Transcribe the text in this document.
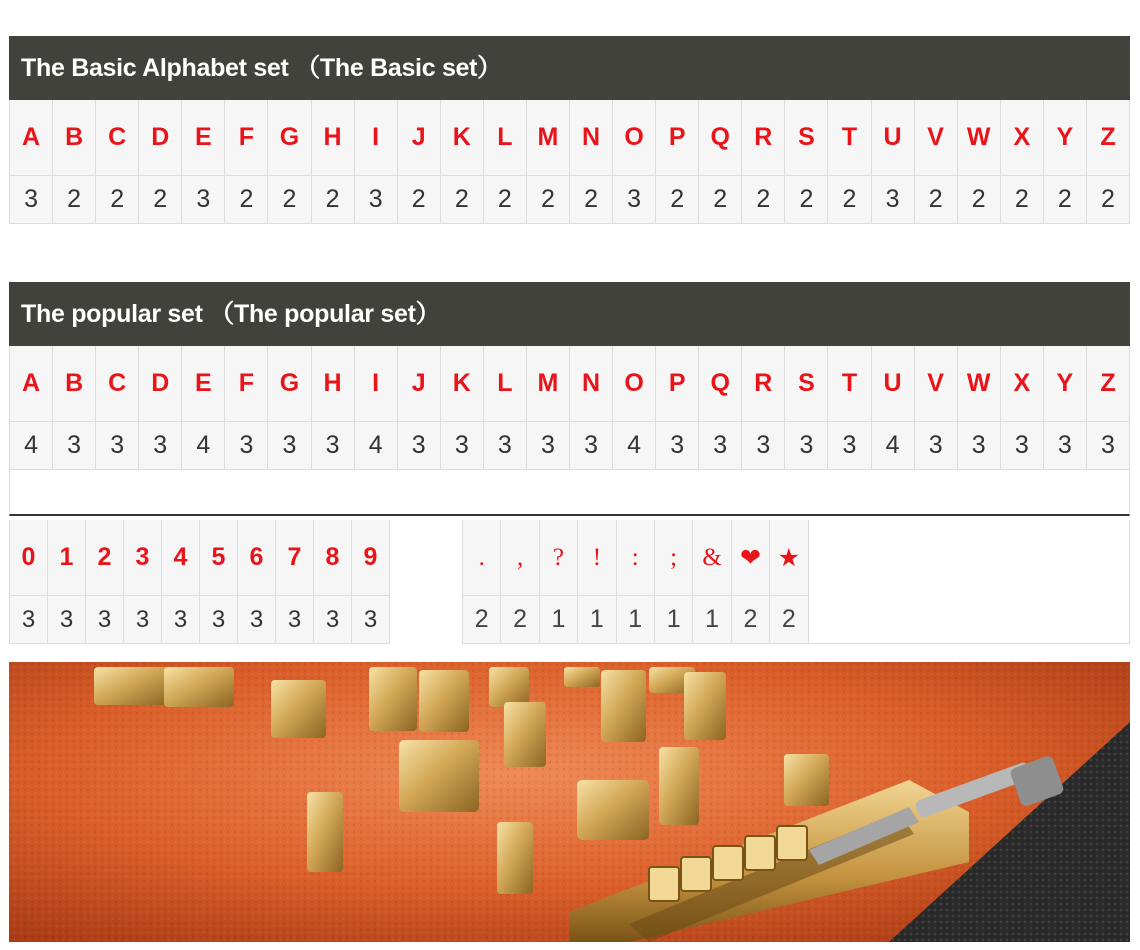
The Basic Alphabet set （The Basic set）
A	B	C	D	E	F	G H	I	J	K	L	M N O	P	Q R	S	T	U	V W X	Y	Z
3	2	2	2	3	2	2	2	3	2	2	2	2	2	3	2	2	2	2	2	3	2	2	2	2	2
The popular set （The popular set）
A	B	C	D	E	F	G H	I	J	K	L	M N O	P	Q R	S	T	U	V W X	Y	Z
4	3	3	3	4	3	3	3	4	3	3	3	3	3	4	3	3	3	3	3	4	3	3	3	3	3
0 1 2 3 4 5 6 7 8 9
3	3	3	3	3	3	3	3	3	3
.	,	?	!	:	;	& ❤ ★
2 2 1 1 1 1 1 2 2
